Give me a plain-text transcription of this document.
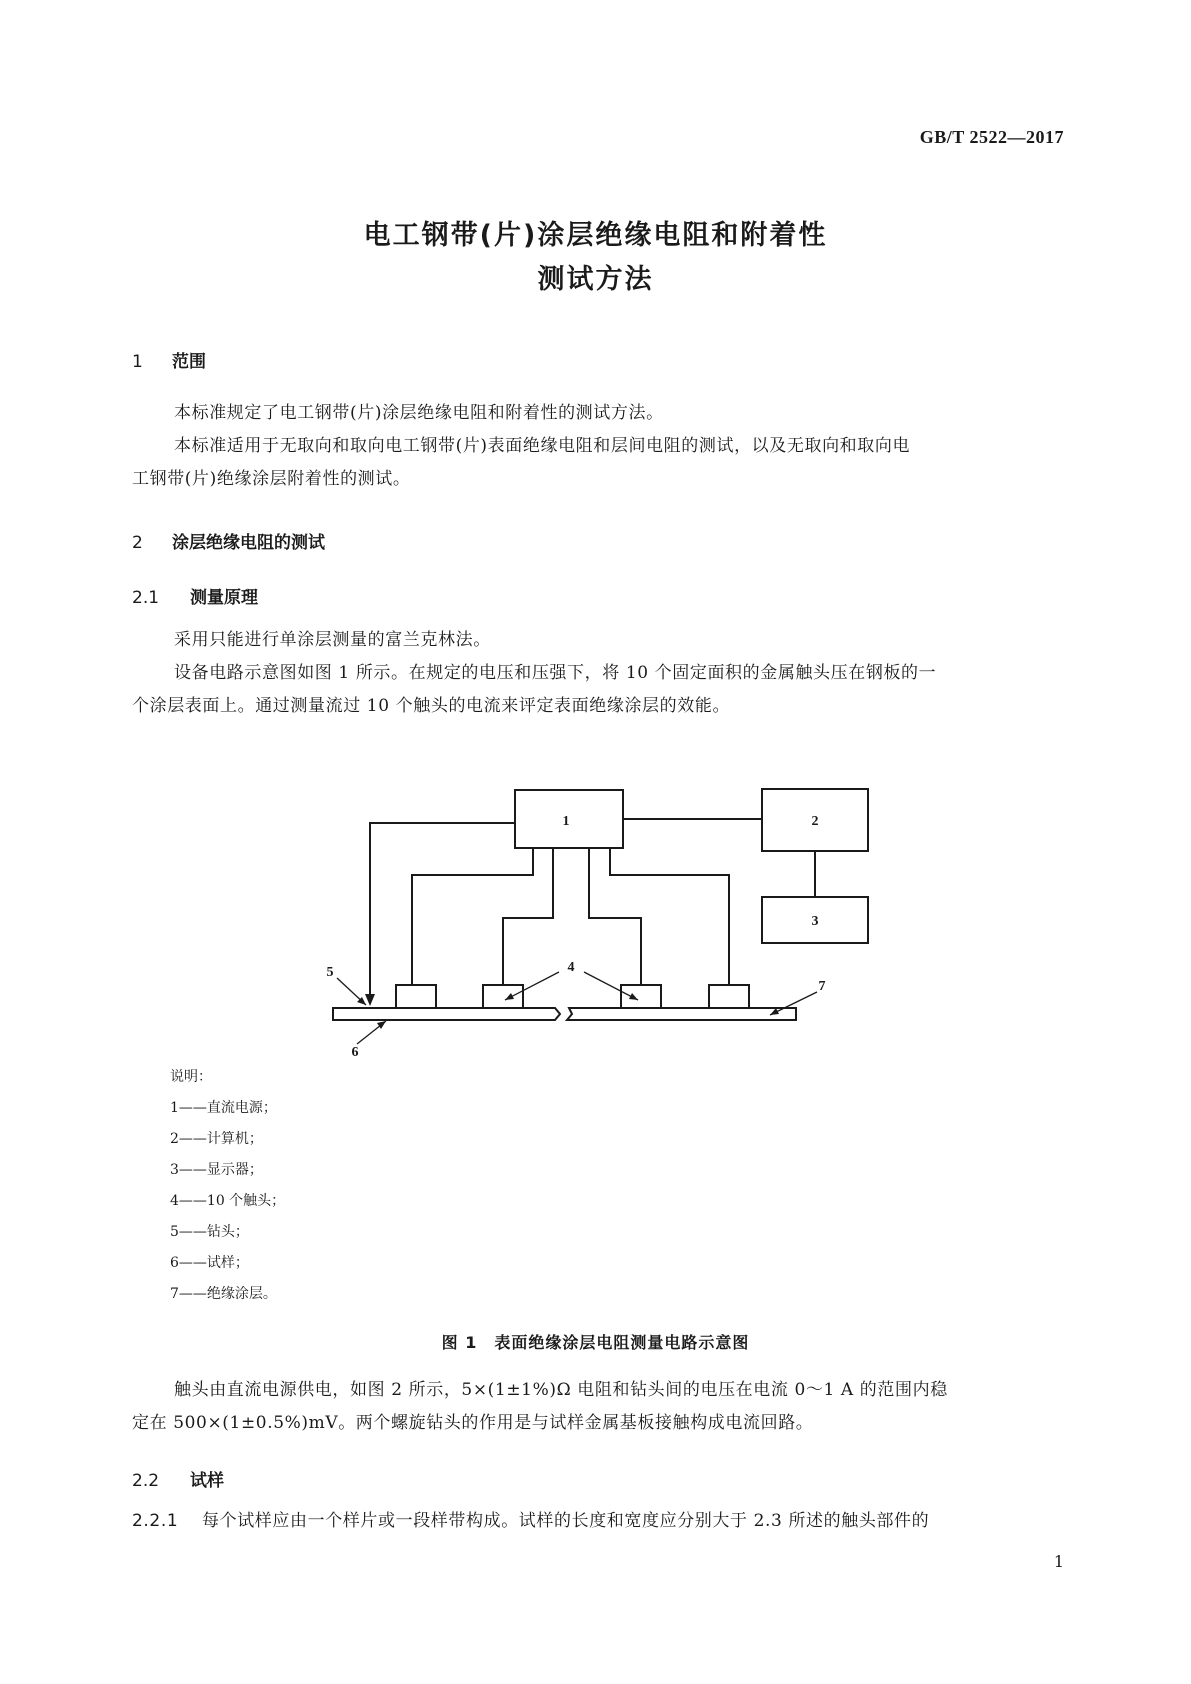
GB/T 2522—2017
电工钢带(片)涂层绝缘电阻和附着性
测试方法
1 范围
本标准规定了电工钢带(片)涂层绝缘电阻和附着性的测试方法。
本标准适用于无取向和取向电工钢带(片)表面绝缘电阻和层间电阻的测试，以及无取向和取向电
工钢带(片)绝缘涂层附着性的测试。
2 涂层绝缘电阻的测试
2.1 测量原理
采用只能进行单涂层测量的富兰克林法。
设备电路示意图如图 1 所示。在规定的电压和压强下，将 10 个固定面积的金属触头压在钢板的一
个涂层表面上。通过测量流过 10 个触头的电流来评定表面绝缘涂层的效能。
1	2
3
4
5
6
7
说明：
1——直流电源；
2——计算机；
3——显示器；
4——10 个触头；
5——钻头；
6——试样；
7——绝缘涂层。
图 1　表面绝缘涂层电阻测量电路示意图
触头由直流电源供电，如图 2 所示，5×(1±1%)Ω 电阻和钻头间的电压在电流 0～1 A 的范围内稳
定在 500×(1±0.5%)mV。两个螺旋钻头的作用是与试样金属基板接触构成电流回路。
2.2 试样
2.2.1 每个试样应由一个样片或一段样带构成。试样的长度和宽度应分别大于 2.3 所述的触头部件的
1
